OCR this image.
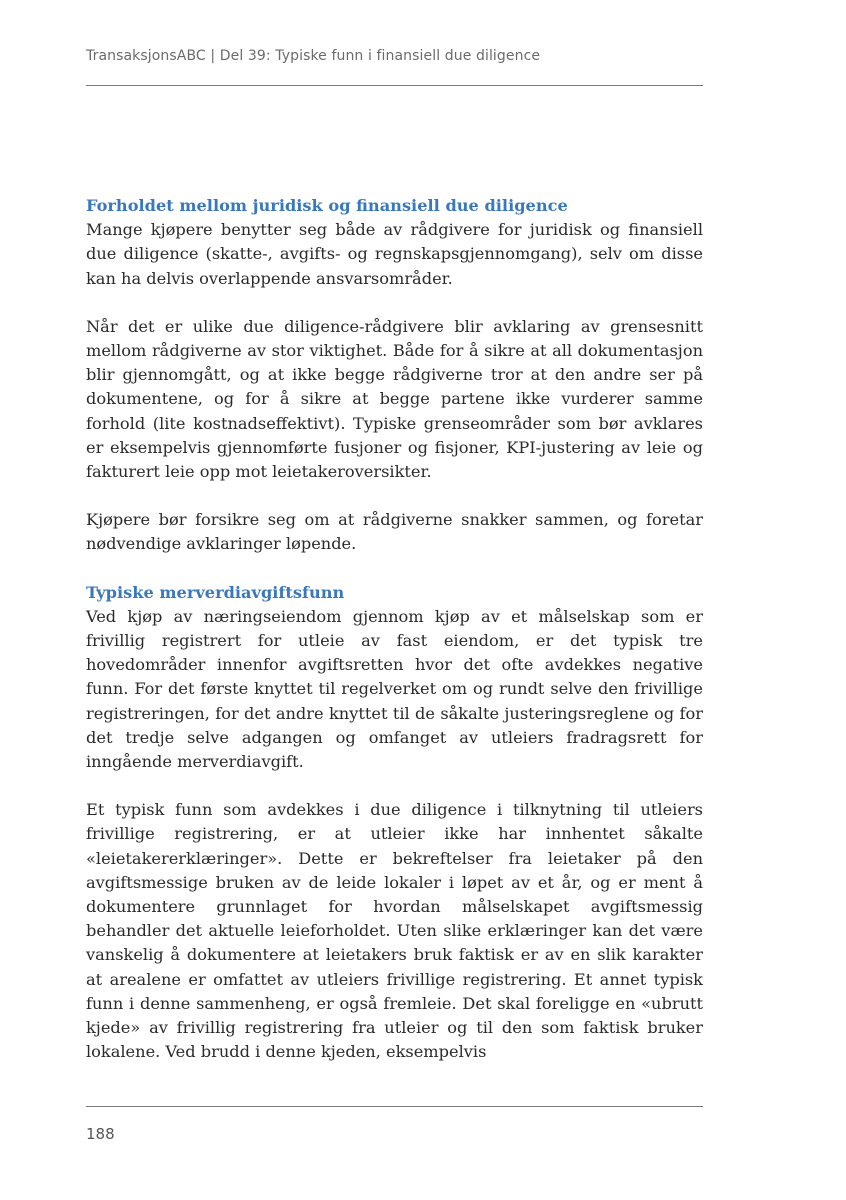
TransaksjonsABC | Del 39: Typiske funn i finansiell due diligence
Forholdet mellom juridisk og finansiell due diligence

Mange kjøpere benytter seg både av rådgivere for juridisk og finansiell due diligence (skatte-, avgifts- og regnskapsgjennomgang), selv om disse kan ha delvis overlappende ansvarsområder.

Når det er ulike due diligence-rådgivere blir avklaring av grensesnitt mellom rådgiverne av stor viktighet. Både for å sikre at all dokumentasjon blir gjennomgått, og at ikke begge rådgiverne tror at den andre ser på dokumentene, og for å sikre at begge partene ikke vurderer samme forhold (lite kostnadseffektivt). Typiske grenseområder som bør avklares er eksempelvis gjennomførte fusjoner og fisjoner, KPI-justering av leie og fakturert leie opp mot leietakeroversikter.

Kjøpere bør forsikre seg om at rådgiverne snakker sammen, og foretar nødvendige avklaringer løpende.

Typiske merverdiavgiftsfunn

Ved kjøp av næringseiendom gjennom kjøp av et målselskap som er frivillig registrert for utleie av fast eiendom, er det typisk tre hovedområder innenfor avgiftsretten hvor det ofte avdekkes negative funn. For det første knyttet til regelverket om og rundt selve den frivillige registreringen, for det andre knyttet til de såkalte justeringsreglene og for det tredje selve adgangen og omfanget av utleiers fradragsrett for inngående merverdiavgift.

Et typisk funn som avdekkes i due diligence i tilknytning til utleiers frivillige registrering, er at utleier ikke har innhentet såkalte «leietakererklæringer». Dette er bekreftelser fra leietaker på den avgiftsmessige bruken av de leide lokaler i løpet av et år, og er ment å dokumentere grunnlaget for hvordan målselskapet avgiftsmessig behandler det aktuelle leieforholdet. Uten slike erklæringer kan det være vanskelig å dokumentere at leietakers bruk faktisk er av en slik karakter at arealene er omfattet av utleiers frivillige registrering. Et annet typisk funn i denne sammenheng, er også fremleie. Det skal foreligge en «ubrutt kjede» av frivillig registrering fra utleier og til den som faktisk bruker lokalene. Ved brudd i denne kjeden, eksempelvis

188
